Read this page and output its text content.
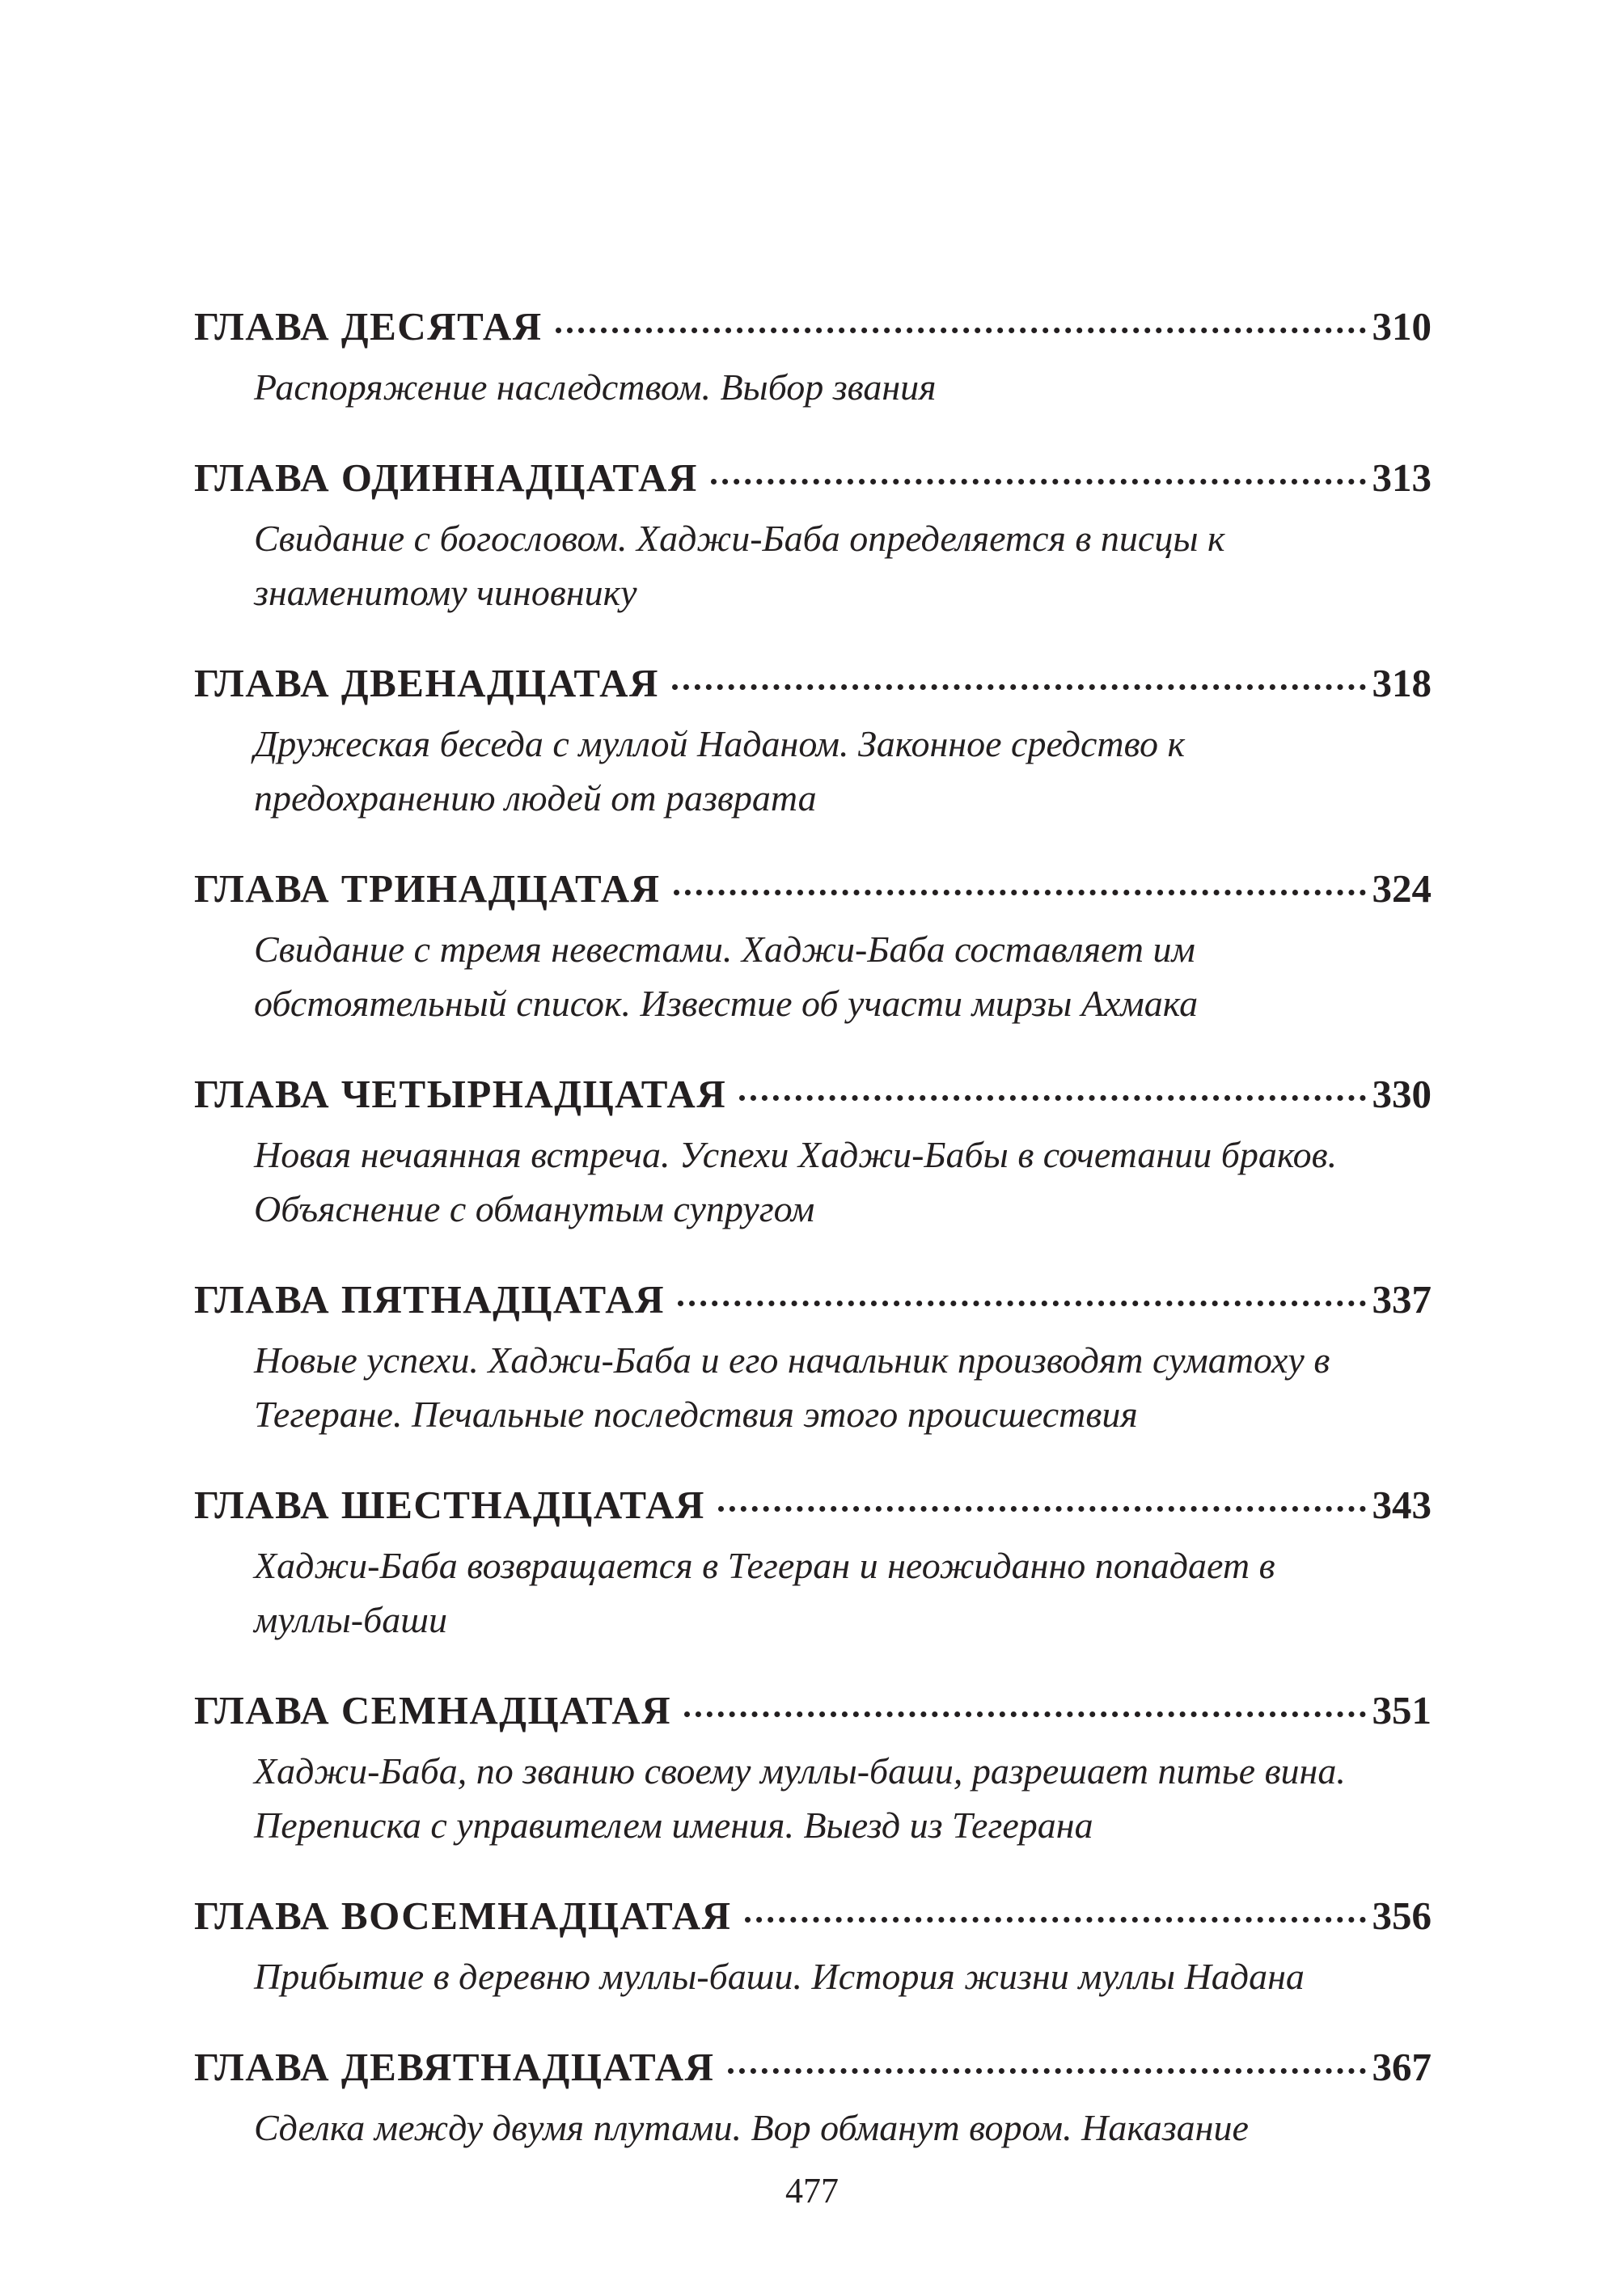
ГЛАВА ДЕСЯТАЯ	310
Распоряжение наследством. Выбор звания
ГЛАВА ОДИННАДЦАТАЯ	313
Свидание с богословом. Хаджи-Баба определяется в писцы к знаменитому чиновнику
ГЛАВА ДВЕНАДЦАТАЯ	318
Дружеская беседа с муллой Наданом. Законное средство к предохранению людей от разврата
ГЛАВА ТРИНАДЦАТАЯ	324
Свидание с тремя невестами. Хаджи-Баба составляет им обстоятельный список. Известие об участи мирзы Ахмака
ГЛАВА ЧЕТЫРНАДЦАТАЯ	330
Новая нечаянная встреча. Успехи Хаджи-Бабы в сочетании браков. Объяснение с обманутым супругом
ГЛАВА ПЯТНАДЦАТАЯ	337
Новые успехи. Хаджи-Баба и его начальник производят суматоху в Тегеране. Печальные последствия этого происшествия
ГЛАВА ШЕСТНАДЦАТАЯ	343
Хаджи-Баба возвращается в Тегеран и неожиданно попадает в муллы-баши
ГЛАВА СЕМНАДЦАТАЯ	351
Хаджи-Баба, по званию своему муллы-баши, разрешает питье вина. Переписка с управителем имения. Выезд из Тегерана
ГЛАВА ВОСЕМНАДЦАТАЯ	356
Прибытие в деревню муллы-баши. История жизни муллы Надана
ГЛАВА ДЕВЯТНАДЦАТАЯ	367
Сделка между двумя плутами. Вор обманут вором. Наказание
477
